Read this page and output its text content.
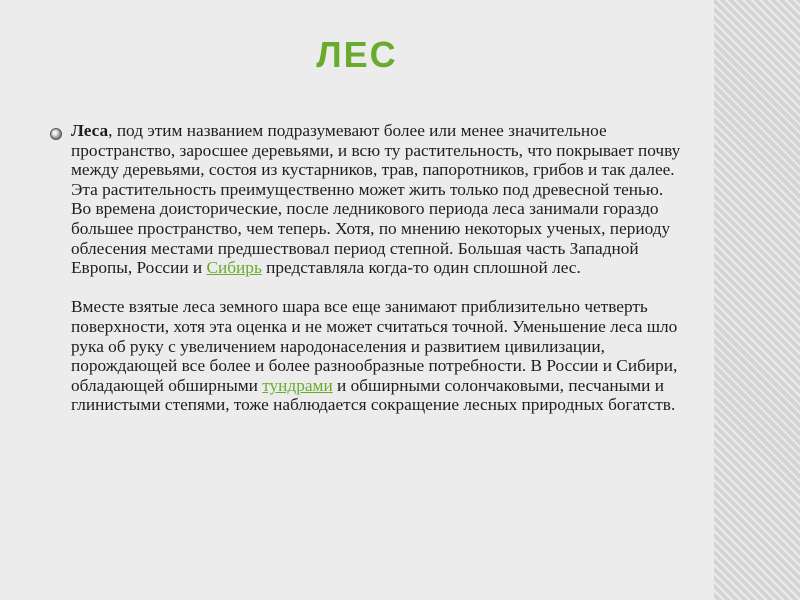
ЛЕС

Леса, под этим названием подразумевают более или менее значительное пространство, заросшее деревьями, и всю ту растительность, что покрывает почву между деревьями, состоя из кустарников, трав, папоротников, грибов и так далее. Эта растительность преимущественно может жить только под древесной тенью. Во времена доисторические, после ледникового периода леса занимали гораздо большее пространство, чем теперь. Хотя, по мнению некоторых ученых, периоду облесения местами предшествовал период степной. Большая часть Западной Европы, России и Сибирь представляла когда-то один сплошной лес.

Вместе взятые леса земного шара все еще занимают приблизительно четверть поверхности, хотя эта оценка и не может считаться точной. Уменьшение леса шло рука об руку с увеличением народонаселения и развитием цивилизации, порождающей все более и более разнообразные потребности. В России и Сибири, обладающей обширными тундрами и обширными солончаковыми, песчаными и глинистыми степями, тоже наблюдается сокращение лесных природных богатств.
